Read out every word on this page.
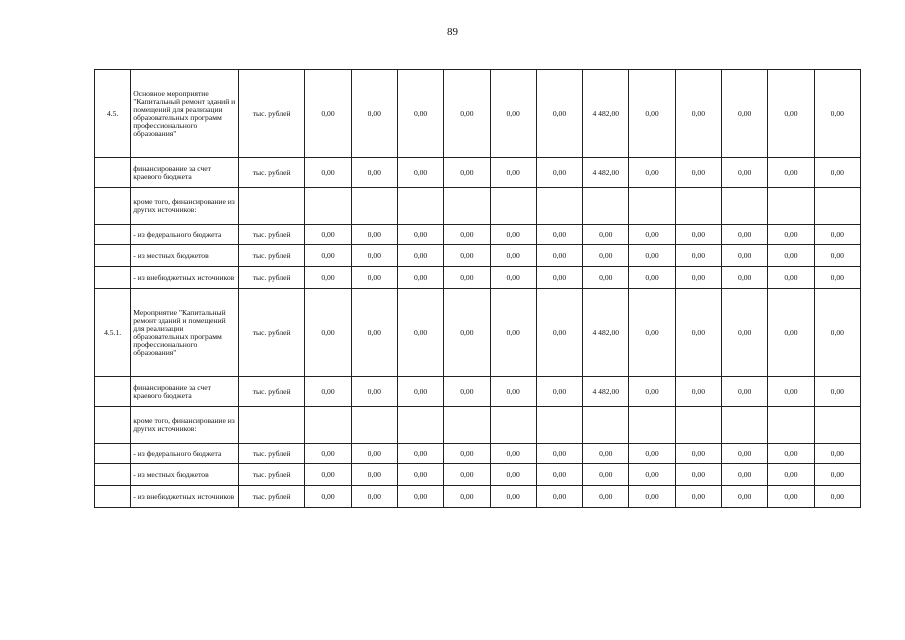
89
4.5.	Основное мероприятие "Капитальный ремонт зданий и помещений для реализации образовательных программ профессионального образования"	тыс. рублей	0,00	0,00	0,00	0,00	0,00	0,00	4 482,00	0,00	0,00	0,00	0,00	0,00
	финансирование за счет краевого бюджета	тыс. рублей	0,00	0,00	0,00	0,00	0,00	0,00	4 482,00	0,00	0,00	0,00	0,00	0,00
	кроме того, финансирование из других источников:													
	- из федерального бюджета	тыс. рублей	0,00	0,00	0,00	0,00	0,00	0,00	0,00	0,00	0,00	0,00	0,00	0,00
	- из местных бюджетов	тыс. рублей	0,00	0,00	0,00	0,00	0,00	0,00	0,00	0,00	0,00	0,00	0,00	0,00
	- из внебюджетных источников	тыс. рублей	0,00	0,00	0,00	0,00	0,00	0,00	0,00	0,00	0,00	0,00	0,00	0,00
4.5.1.	Мероприятие "Капитальный ремонт зданий и помещений для реализации образовательных программ профессионального образования"	тыс. рублей	0,00	0,00	0,00	0,00	0,00	0,00	4 482,00	0,00	0,00	0,00	0,00	0,00
	финансирование за счет краевого бюджета	тыс. рублей	0,00	0,00	0,00	0,00	0,00	0,00	4 482,00	0,00	0,00	0,00	0,00	0,00
	кроме того, финансирование из других источников:													
	- из федерального бюджета	тыс. рублей	0,00	0,00	0,00	0,00	0,00	0,00	0,00	0,00	0,00	0,00	0,00	0,00
	- из местных бюджетов	тыс. рублей	0,00	0,00	0,00	0,00	0,00	0,00	0,00	0,00	0,00	0,00	0,00	0,00
	- из внебюджетных источников	тыс. рублей	0,00	0,00	0,00	0,00	0,00	0,00	0,00	0,00	0,00	0,00	0,00	0,00
